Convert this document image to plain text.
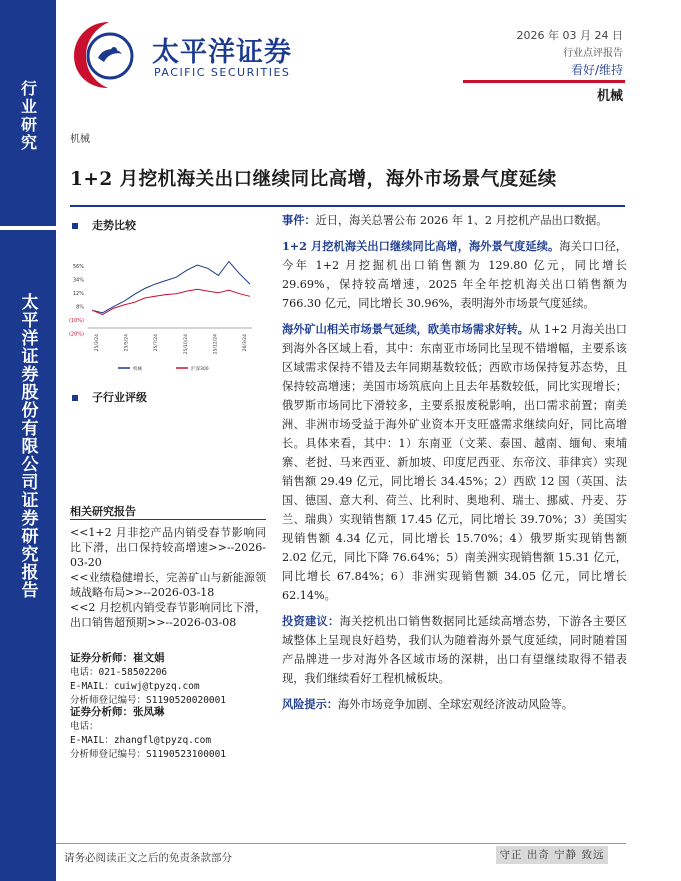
行业研究
太平洋证券股份有限公司证券研究报告
太平洋证券
PACIFIC SECURITIES
2026 年 03 月 24 日
行业点评报告
看好/维持
机械
机械
1+2 月挖机海关出口继续同比高增，海外市场景气度延续
走势比较
56%
34%
12%
8%
(10%)
(20%) 25/3/24	25/5/24	25/7/24	25/10/24	25/12/24	26/3/24
机械	沪深300
子行业评级
相关研究报告

<<1+2 月非挖产品内销受春节影响同比下滑，出口保持较高增速>>--2026-03-20

<<业绩稳健增长，完善矿山与新能源领域战略布局>>--2026-03-18

<<2 月挖机内销受春节影响同比下滑，出口销售超预期>>--2026-03-08

证券分析师：崔文娟
电话：021-58502206
E-MAIL：cuiwj@tpyzq.com
分析师登记编号：S1190520020001
证券分析师：张凤琳
电话：
E-MAIL：zhangfl@tpyzq.com
分析师登记编号：S1190523100001

事件：近日，海关总署公布 2026 年 1、2 月挖机产品出口数据。

1+2 月挖机海关出口继续同比高增，海外景气度延续。海关口口径，今年 1+2 月挖掘机出口销售额为 129.80 亿元，同比增长 29.69%，保持较高增速，2025 年全年挖机海关出口销售额为 766.30 亿元，同比增长 30.96%，表明海外市场景气度延续。

海外矿山相关市场景气延续，欧美市场需求好转。从 1+2 月海关出口到海外各区域上看，其中：东南亚市场同比呈现不错增幅，主要系该区域需求保持不错及去年同期基数较低；西欧市场保持复苏态势，且保持较高增速；美国市场筑底向上且去年基数较低，同比实现增长；俄罗斯市场同比下滑较多，主要系报废税影响，出口需求前置；南美洲、非洲市场受益于海外矿业资本开支旺盛需求继续向好，同比高增长。具体来看，其中：1）东南亚（文莱、泰国、越南、缅甸、柬埔寨、老挝、马来西亚、新加坡、印度尼西亚、东帝汶、菲律宾）实现销售额 29.49 亿元，同比增长 34.45%；2）西欧 12 国（英国、法国、德国、意大利、荷兰、比利时、奥地利、瑞士、挪威、丹麦、芬兰、瑞典）实现销售额 17.45 亿元，同比增长 39.70%；3）美国实现销售额 4.34 亿元，同比增长 15.70%；4）俄罗斯实现销售额 2.02 亿元，同比下降 76.64%；5）南美洲实现销售额 15.31 亿元，同比增长 67.84%；6）非洲实现销售额 34.05 亿元，同比增长 62.14%。

投资建议：海关挖机出口销售数据同比延续高增态势，下游各主要区域整体上呈现良好趋势，我们认为随着海外景气度延续，同时随着国产品牌进一步对海外各区域市场的深耕，出口有望继续取得不错表现，我们继续看好工程机械板块。

风险提示：海外市场竞争加剧、全球宏观经济波动风险等。

请务必阅读正文之后的免责条款部分	守正 出奇 宁静 致远
